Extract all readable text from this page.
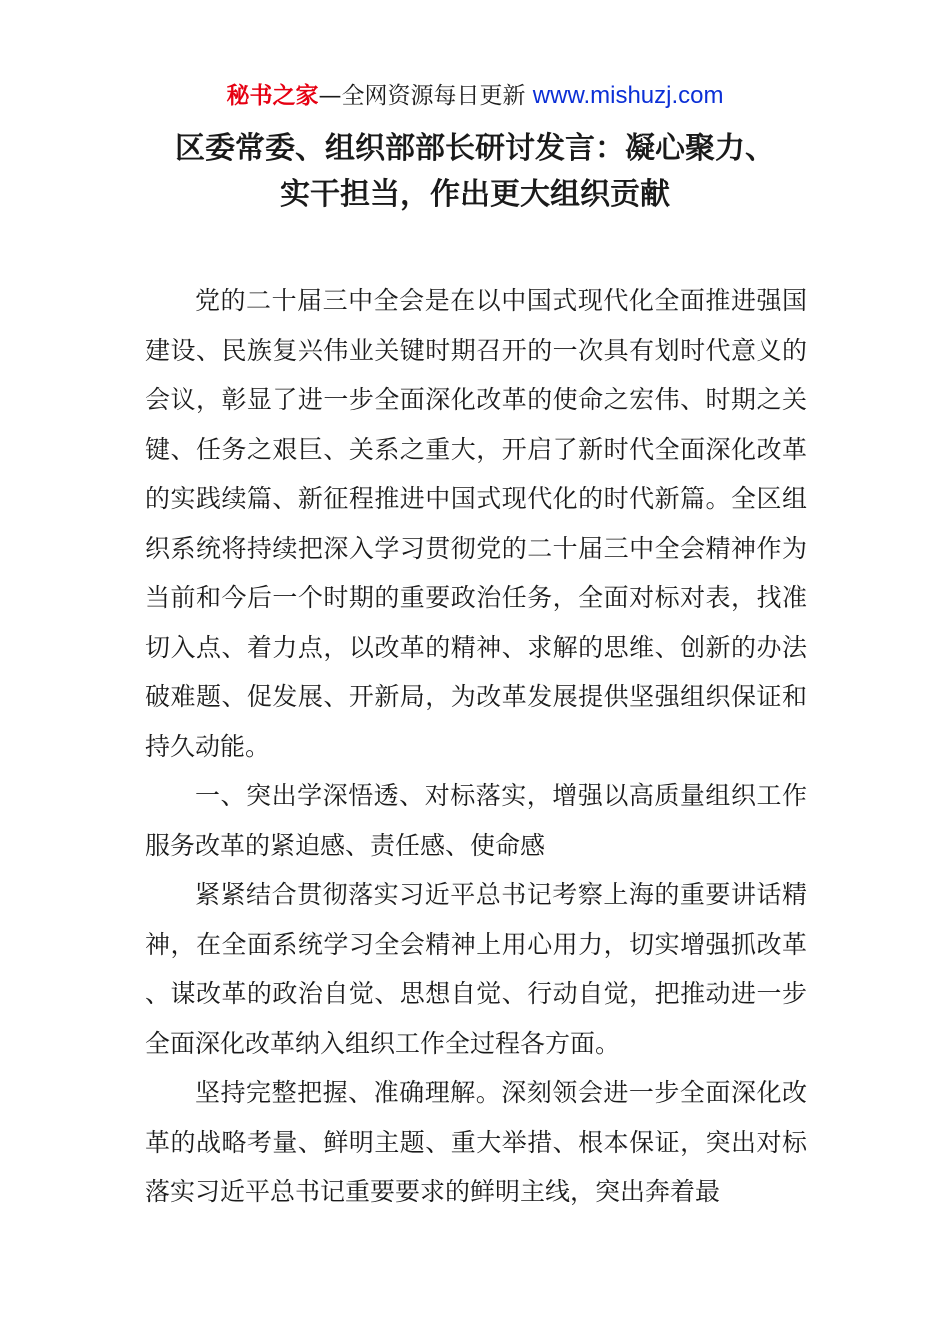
秘书之家—全网资源每日更新 www.mishuzj.com
区委常委、组织部部长研讨发言：凝心聚力、
实干担当，作出更大组织贡献

党的二十届三中全会是在以中国式现代化全面推进强国建设、民族复兴伟业关键时期召开的一次具有划时代意义的会议，彰显了进一步全面深化改革的使命之宏伟、时期之关键、任务之艰巨、关系之重大，开启了新时代全面深化改革的实践续篇、新征程推进中国式现代化的时代新篇。全区组织系统将持续把深入学习贯彻党的二十届三中全会精神作为当前和今后一个时期的重要政治任务，全面对标对表，找准切入点、着力点，以改革的精神、求解的思维、创新的办法破难题、促发展、开新局，为改革发展提供坚强组织保证和持久动能。

一、突出学深悟透、对标落实，增强以高质量组织工作服务改革的紧迫感、责任感、使命感

紧紧结合贯彻落实习近平总书记考察上海的重要讲话精神，在全面系统学习全会精神上用心用力，切实增强抓改革、谋改革的政治自觉、思想自觉、行动自觉，把推动进一步全面深化改革纳入组织工作全过程各方面。

坚持完整把握、准确理解。深刻领会进一步全面深化改革的战略考量、鲜明主题、重大举措、根本保证，突出对标落实习近平总书记重要要求的鲜明主线，突出奔着最
